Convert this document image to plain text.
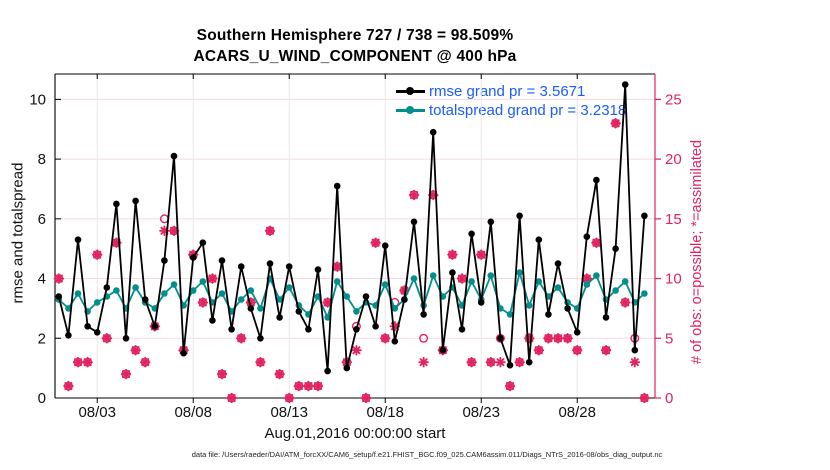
Southern Hemisphere 727 / 738 = 98.509%
ACARS_U_WIND_COMPONENT @ 400 hPa
rmse and totalspread	# of obs: o=possible; *=assimilated
rmse grand pr = 3.5671
totalspread grand pr = 3.2318
0
2
4
6
8
10
0
5
10
15
20
25
08/03	08/08	08/13	08/18	08/23	08/28
Aug.01,2016 00:00:00 start
data file: /Users/raeder/DAI/ATM_forcXX/CAM6_setup/f.e21.FHIST_BGC.f09_025.CAM6assim.011/Diags_NTrS_2016-08/obs_diag_output.nc
